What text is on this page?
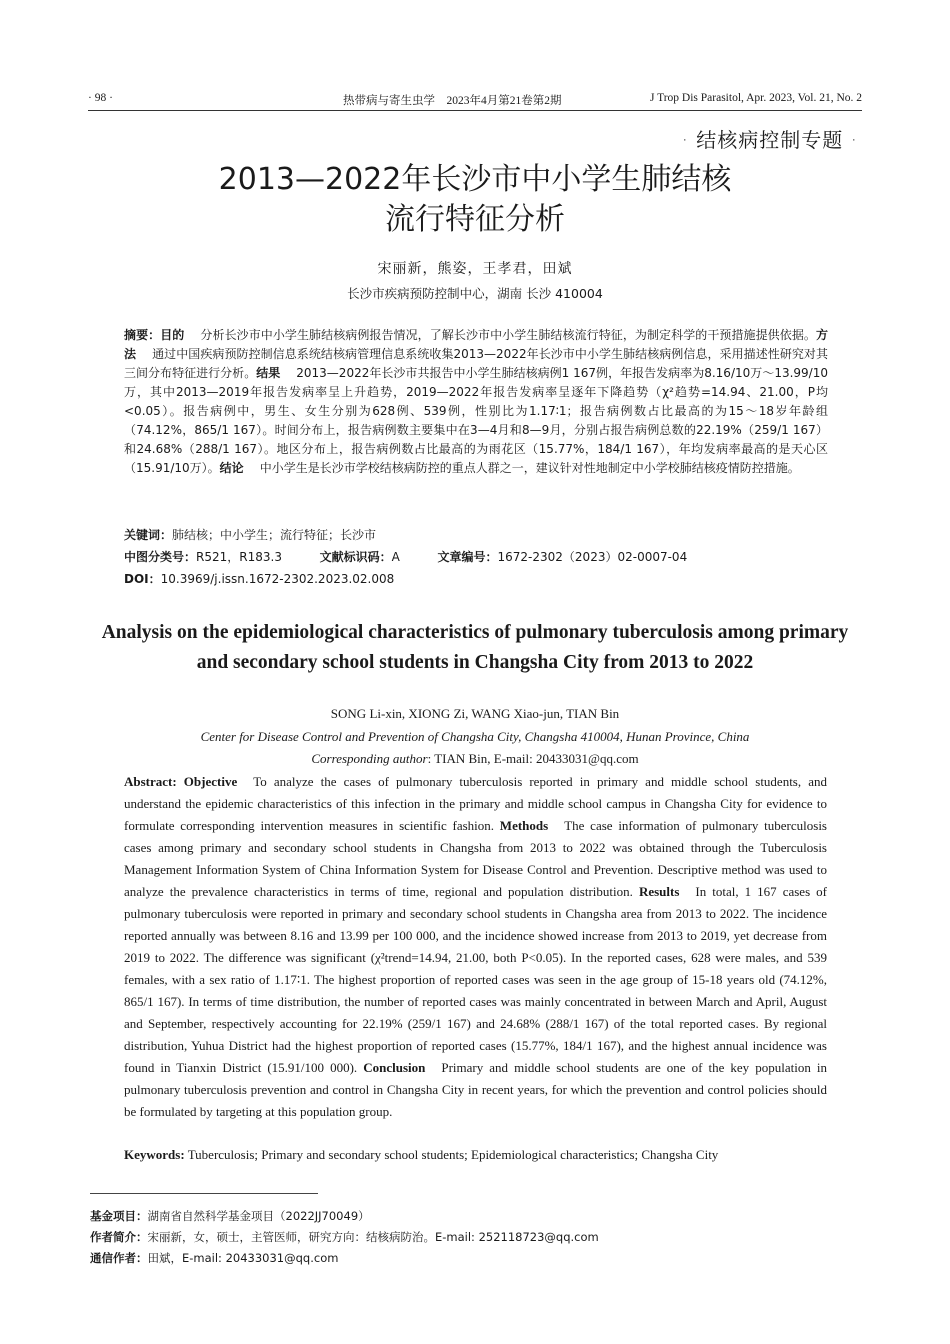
· 98 ·	热带病与寄生虫学　2023年4月第21卷第2期	J Trop Dis Parasitol, Apr. 2023, Vol. 21, No. 2
· 结核病控制专题 ·
2013—2022年长沙市中小学生肺结核
流行特征分析
宋丽新，熊姿，王孝君，田斌
长沙市疾病预防控制中心，湖南 长沙 410004
摘要：目的 分析长沙市中小学生肺结核病例报告情况，了解长沙市中小学生肺结核流行特征，为制定科学的干预措施提供依据。方法 通过中国疾病预防控制信息系统结核病管理信息系统收集2013—2022年长沙市中小学生肺结核病例信息，采用描述性研究对其三间分布特征进行分析。结果 2013—2022年长沙市共报告中小学生肺结核病例1 167例，年报告发病率为8.16/10万～13.99/10万，其中2013—2019年报告发病率呈上升趋势，2019—2022年报告发病率呈逐年下降趋势（χ²趋势=14.94、21.00，P均<0.05）。报告病例中，男生、女生分别为628例、539例，性别比为1.17∶1；报告病例数占比最高的为15～18岁年龄组（74.12%，865/1 167）。时间分布上，报告病例数主要集中在3—4月和8—9月，分别占报告病例总数的22.19%（259/1 167）和24.68%（288/1 167）。地区分布上，报告病例数占比最高的为雨花区（15.77%，184/1 167），年均发病率最高的是天心区（15.91/10万）。结论 中小学生是长沙市学校结核病防控的重点人群之一，建议针对性地制定中小学校肺结核疫情防控措施。
关键词：肺结核；中小学生；流行特征；长沙市
中图分类号：R521，R183.3	文献标识码：A	文章编号：1672-2302（2023）02-0007-04
DOI：10.3969/j.issn.1672-2302.2023.02.008
Analysis on the epidemiological characteristics of pulmonary tuberculosis among primary and secondary school students in Changsha City from 2013 to 2022
SONG Li-xin, XIONG Zi, WANG Xiao-jun, TIAN Bin
Center for Disease Control and Prevention of Changsha City, Changsha 410004, Hunan Province, China
Corresponding author: TIAN Bin, E-mail: 20433031@qq.com
Abstract: Objective To analyze the cases of pulmonary tuberculosis reported in primary and middle school students, and understand the epidemic characteristics of this infection in the primary and middle school campus in Changsha City for evidence to formulate corresponding intervention measures in scientific fashion. Methods The case information of pulmonary tuberculosis cases among primary and secondary school students in Changsha from 2013 to 2022 was obtained through the Tuberculosis Management Information System of China Information System for Disease Control and Prevention. Descriptive method was used to analyze the prevalence characteristics in terms of time, regional and population distribution. Results In total, 1 167 cases of pulmonary tuberculosis were reported in primary and secondary school students in Changsha area from 2013 to 2022. The incidence reported annually was between 8.16 and 13.99 per 100 000, and the incidence showed increase from 2013 to 2019, yet decrease from 2019 to 2022. The difference was significant (χ²trend=14.94, 21.00, both P<0.05). In the reported cases, 628 were males, and 539 females, with a sex ratio of 1.17∶1. The highest proportion of reported cases was seen in the age group of 15-18 years old (74.12%, 865/1 167). In terms of time distribution, the number of reported cases was mainly concentrated in between March and April, August and September, respectively accounting for 22.19% (259/1 167) and 24.68% (288/1 167) of the total reported cases. By regional distribution, Yuhua District had the highest proportion of reported cases (15.77%, 184/1 167), and the highest annual incidence was found in Tianxin District (15.91/100 000). Conclusion Primary and middle school students are one of the key population in pulmonary tuberculosis prevention and control in Changsha City in recent years, for which the prevention and control policies should be formulated by targeting at this population group.
Keywords: Tuberculosis; Primary and secondary school students; Epidemiological characteristics; Changsha City
基金项目：湖南省自然科学基金项目（2022JJ70049）
作者简介：宋丽新，女，硕士，主管医师，研究方向：结核病防治。E-mail: 252118723@qq.com
通信作者：田斌，E-mail: 20433031@qq.com
